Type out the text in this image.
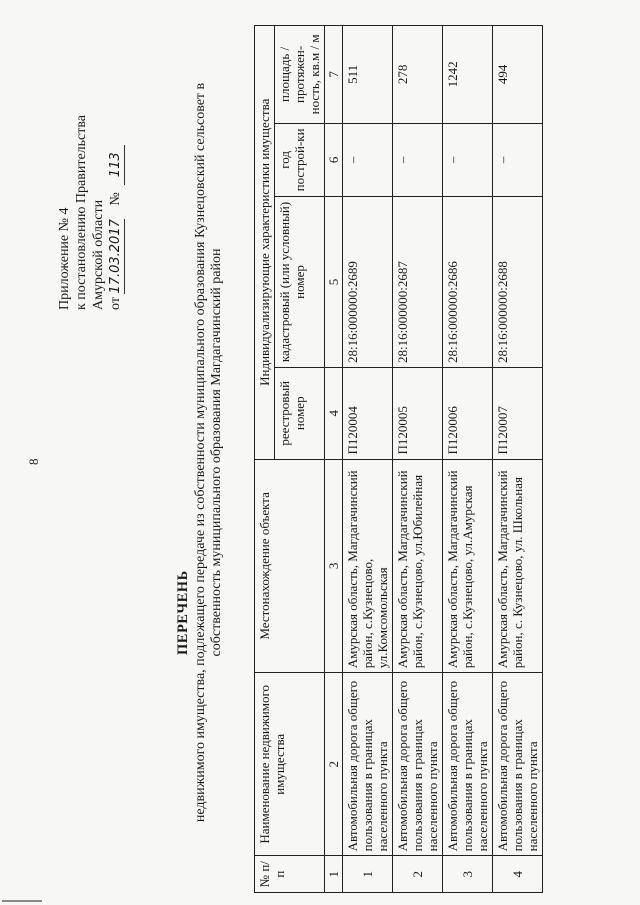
8
Приложение № 4 к постановлению Правительства Амурской области от 17.03.2017 № 113
ПЕРЕЧЕНЬ недвижимого имущества, подлежащего передаче из собственности муниципального образования Кузнецовский сельсовет в собственность муниципального образования Магдагачинский район
№ п/п	Наименование недвижимого имущества	Местонахождение объекта	Индивидуализирующие характеристики имущества			
			реестровый номер	кадастровый (или условный) номер	год построй-ки	площадь / протяжен-ность, кв.м / м
1	2	3	4	5	6	7
1	Автомобильная дорога общего пользования в границах населенного пункта	Амурская область, Магдагачинский район, с.Кузнецово, ул.Комсомольская	П120004	28:16:000000:2689	–	511
2	Автомобильная дорога общего пользования в границах населенного пункта	Амурская область, Магдагачинский район, с.Кузнецово, ул.Юбилейная	П120005	28:16:000000:2687	–	278
3	Автомобильная дорога общего пользования в границах населенного пункта	Амурская область, Магдагачинский район, с.Кузнецово, ул.Амурская	П120006	28:16:000000:2686	–	1242
4	Автомобильная дорога общего пользования в границах населенного пункта	Амурская область, Магдагачинский район, с. Кузнецово, ул. Школьная	П120007	28:16:000000:2688	–	494
